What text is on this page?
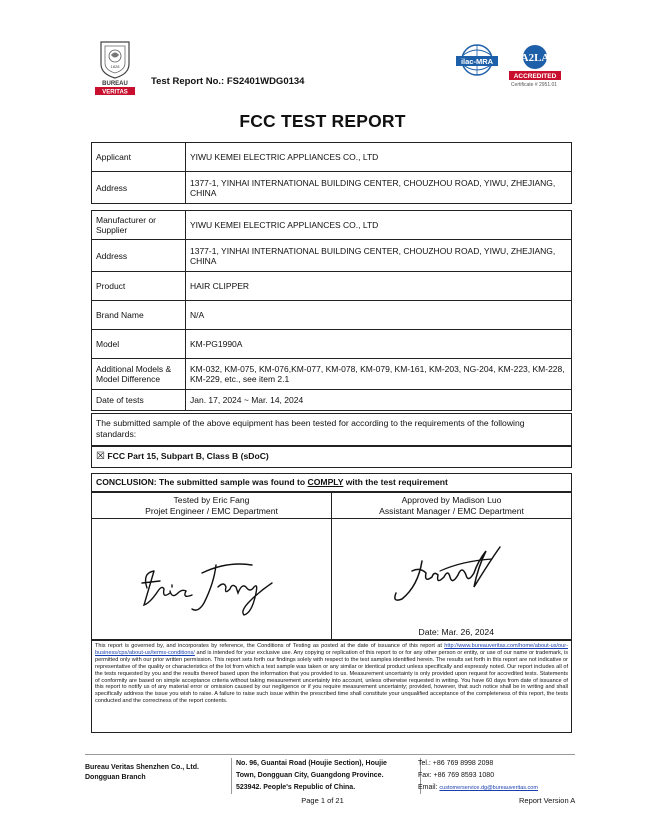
1828
BUREAU
VERITAS
Test Report No.: FS2401WDG0134
ilac-MRA	A2LA
ACCREDITED
Certificate # 2951.01
FCC TEST REPORT
Applicant	YIWU KEMEI ELECTRIC APPLIANCES CO., LTD
Address	1377-1, YINHAI INTERNATIONAL BUILDING CENTER, CHOUZHOU ROAD, YIWU, ZHEJIANG, CHINA
Manufacturer or Supplier	YIWU KEMEI ELECTRIC APPLIANCES CO., LTD
Address	1377-1, YINHAI INTERNATIONAL BUILDING CENTER, CHOUZHOU ROAD, YIWU, ZHEJIANG, CHINA
Product	HAIR CLIPPER
Brand Name	N/A
Model	KM-PG1990A
Additional Models & Model Difference	KM-032, KM-075, KM-076,KM-077, KM-078, KM-079, KM-161, KM-203, NG-204, KM-223, KM-228, KM-229, etc., see item 2.1
Date of tests	Jan. 17, 2024 ~ Mar. 14, 2024
The submitted sample of the above equipment has been tested for according to the requirements of the following standards:
☒ FCC Part 15, Subpart B, Class B (sDoC)
CONCLUSION: The submitted sample was found to COMPLY with the test requirement
Tested by Eric Fang
Projet Engineer / EMC Department
Approved by Madison Luo
Assistant Manager / EMC Department
Date: Mar. 26, 2024
This report is governed by, and incorporates by reference, the Conditions of Testing as posted at the date of issuance of this report at http://www.bureauveritas.com/home/about-us/our-business/cps/about-us/terms-conditions/ and is intended for your exclusive use. Any copying or replication of this report to or for any other person or entity, or use of our name or trademark, is permitted only with our prior written permission. This report sets forth our findings solely with respect to the test samples identified herein. The results set forth in this report are not indicative or representative of the quality or characteristics of the lot from which a test sample was taken or any similar or identical product unless specifically and expressly noted. Our report includes all of the tests requested by you and the results thereof based upon the information that you provided to us. Measurement uncertainty is only provided upon request for accredited tests. Statements of conformity are based on simple acceptance criteria without taking measurement uncertainty into account, unless otherwise requested in writing. You have 60 days from date of issuance of this report to notify us of any material error or omission caused by our negligence or if you require measurement uncertainty; provided, however, that such notice shall be in writing and shall specifically address the issue you wish to raise. A failure to raise such issue within the prescribed time shall constitute your unqualified acceptance of the completeness of this report, the tests conducted and the correctness of the report contents.
Bureau Veritas Shenzhen Co., Ltd.
Dongguan Branch
No. 96, Guantai Road (Houjie Section), Houjie
Town, Dongguan City, Guangdong Province.
523942. People's Republic of China.
Tel.: +86 769 8998 2098
Fax: +86 769 8593 1080
Email: customerservice.dg@bureauveritas.com
Page 1 of 21	Report Version A
